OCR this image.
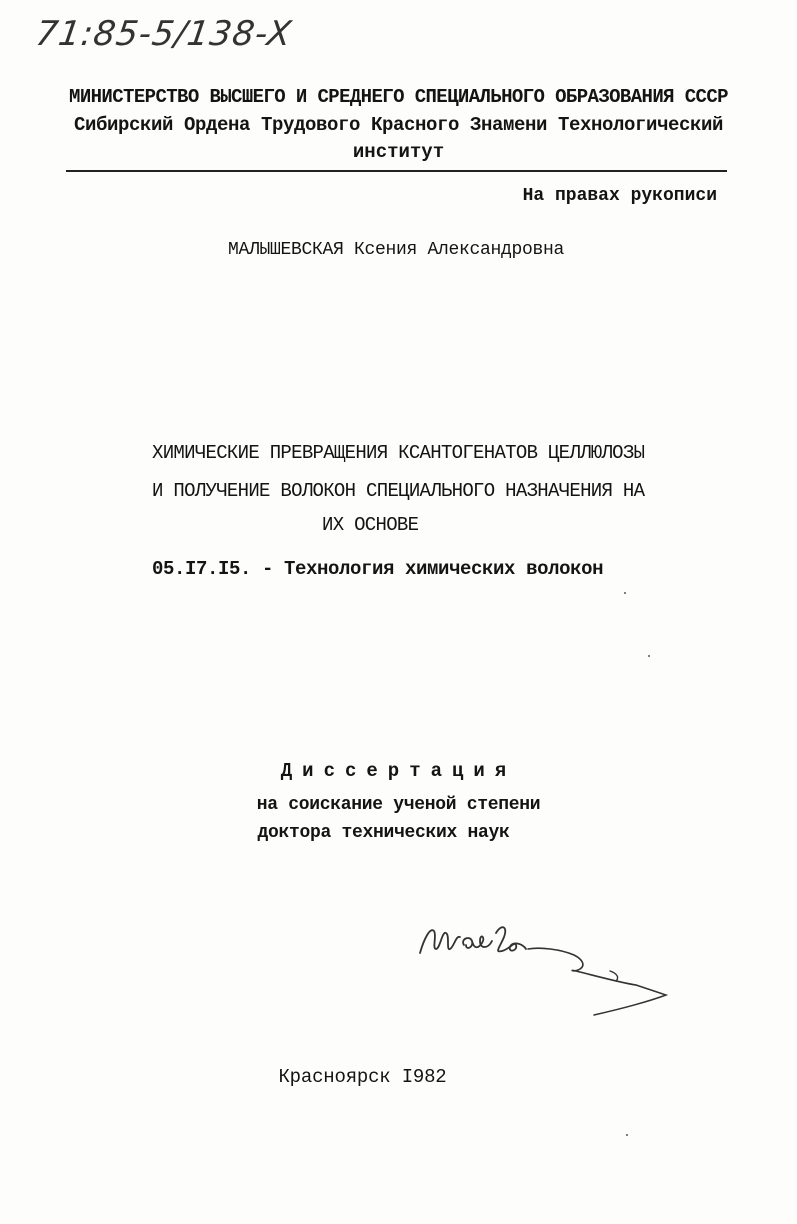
71:85-5/138-X
МИНИСТЕРСТВО ВЫСШЕГО И СРЕДНЕГО СПЕЦИАЛЬНОГО ОБРАЗОВАНИЯ СССР
Сибирский Ордена Трудового Красного Знамени Технологический
институт
На правах рукописи
МАЛЫШЕВСКАЯ Ксения Александровна
ХИМИЧЕСКИЕ ПРЕВРАЩЕНИЯ КСАНТОГЕНАТОВ ЦЕЛЛЮЛОЗЫ
И ПОЛУЧЕНИЕ ВОЛОКОН СПЕЦИАЛЬНОГО НАЗНАЧЕНИЯ НА
ИХ ОСНОВЕ
05.I7.I5. - Технология химических волокон
Диссертация
на соискание ученой степени
доктора технических наук
Красноярск I982
